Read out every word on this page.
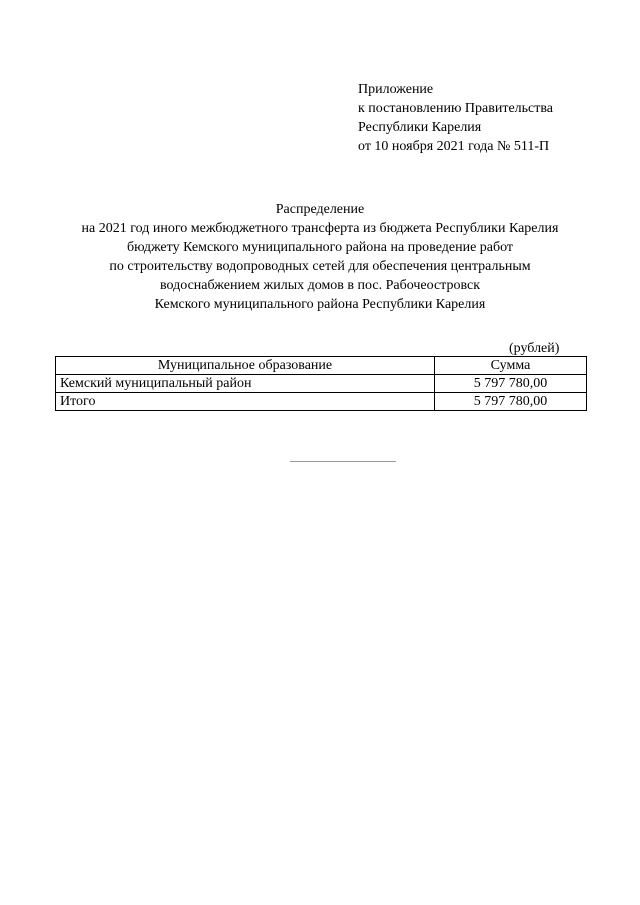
Приложение
к постановлению Правительства
Республики Карелия
от 10 ноября 2021 года № 511-П
Распределение
на 2021 год иного межбюджетного трансферта из бюджета Республики Карелия
бюджету Кемского муниципального района на проведение работ
по строительству водопроводных сетей для обеспечения центральным
водоснабжением жилых домов в пос. Рабочеостровск
Кемского муниципального района Республики Карелия
(рублей)
Муниципальное образование	Сумма
Кемский муниципальный район	5 797 780,00
Итого	5 797 780,00
